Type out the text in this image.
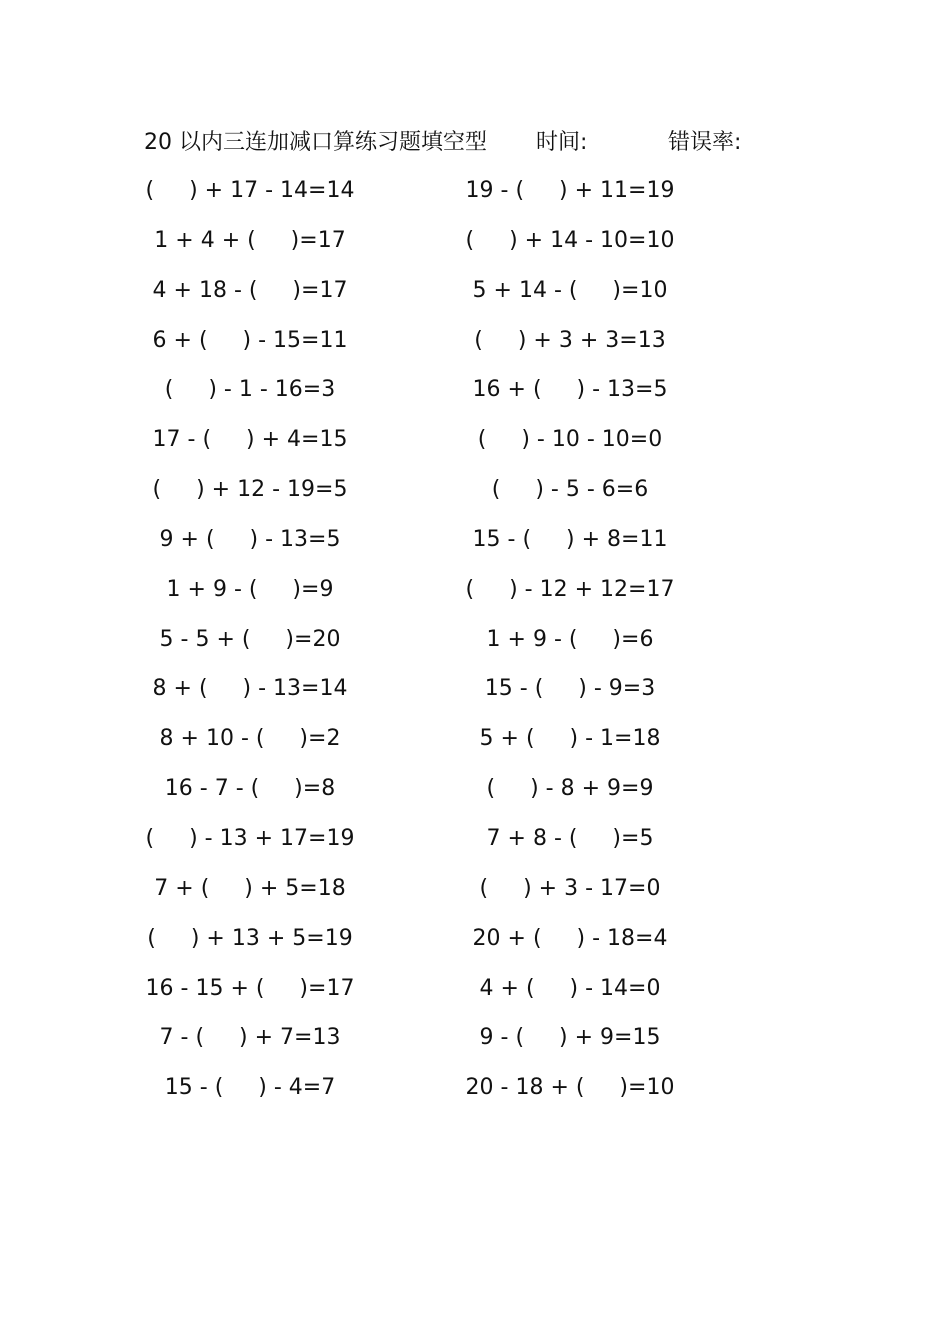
20 以内三连加减口算练习题填空型 时间:	错误率:
(     ) + 17 - 14=14
1 + 4 + (     )=17
4 + 18 - (     )=17
6 + (     ) - 15=11
(     ) - 1 - 16=3
17 - (     ) + 4=15
(     ) + 12 - 19=5
9 + (     ) - 13=5
1 + 9 - (     )=9
5 - 5 + (     )=20
8 + (     ) - 13=14
8 + 10 - (     )=2
16 - 7 - (     )=8
(     ) - 13 + 17=19
7 + (     ) + 5=18
(     ) + 13 + 5=19
16 - 15 + (     )=17
7 - (     ) + 7=13
15 - (     ) - 4=7
19 - (     ) + 11=19
(     ) + 14 - 10=10
5 + 14 - (     )=10
(     ) + 3 + 3=13
16 + (     ) - 13=5
(     ) - 10 - 10=0
(     ) - 5 - 6=6
15 - (     ) + 8=11
(     ) - 12 + 12=17
1 + 9 - (     )=6
15 - (     ) - 9=3
5 + (     ) - 1=18
(     ) - 8 + 9=9
7 + 8 - (     )=5
(     ) + 3 - 17=0
20 + (     ) - 18=4
4 + (     ) - 14=0
9 - (     ) + 9=15
20 - 18 + (     )=10
